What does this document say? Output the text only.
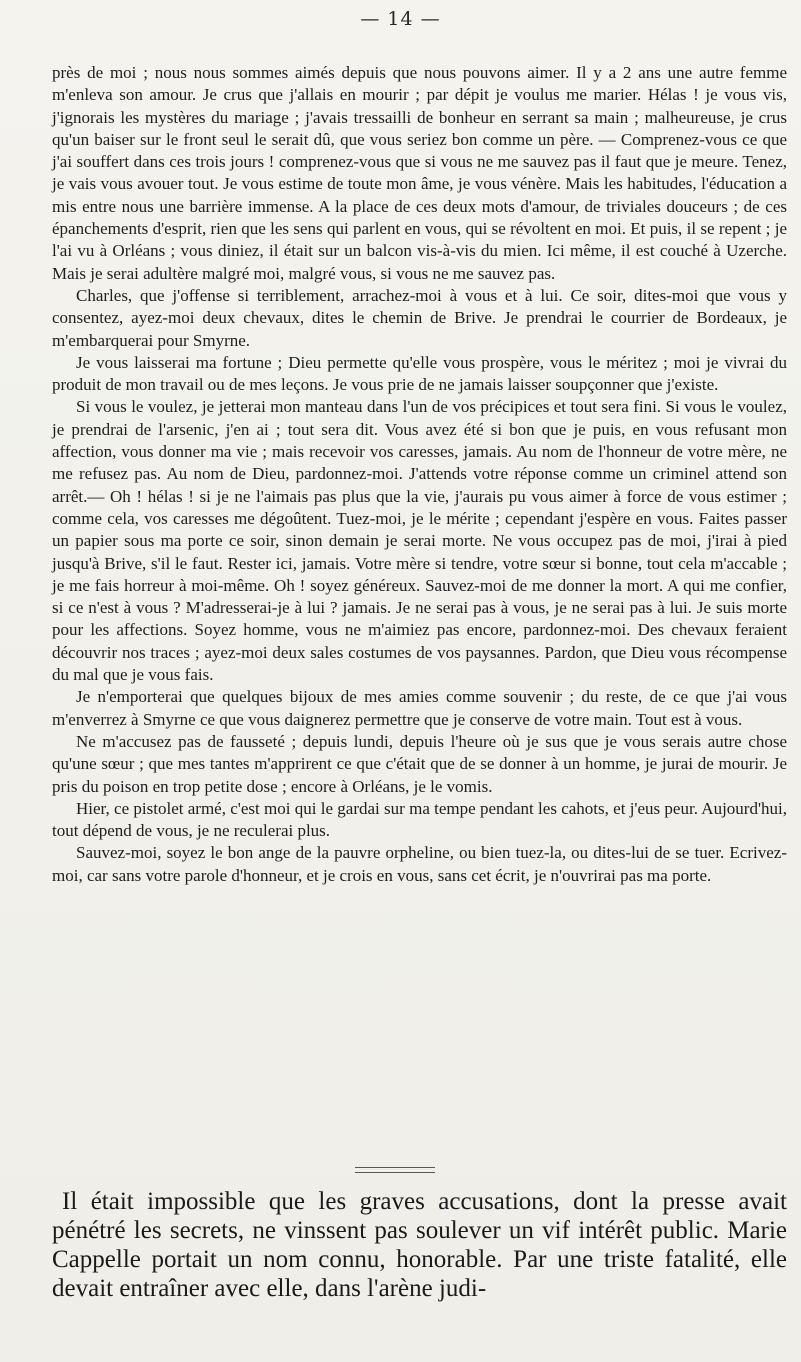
— 14 —

près de moi ; nous nous sommes aimés depuis que nous pouvons aimer. Il y a 2 ans une autre femme m'enleva son amour. Je crus que j'allais en mourir ; par dépit je voulus me marier. Hélas ! je vous vis, j'ignorais les mystères du mariage ; j'avais tressailli de bonheur en serrant sa main ; malheureuse, je crus qu'un baiser sur le front seul le serait dû, que vous seriez bon comme un père. — Comprenez-vous ce que j'ai souffert dans ces trois jours ! comprenez-vous que si vous ne me sauvez pas il faut que je meure. Tenez, je vais vous avouer tout. Je vous estime de toute mon âme, je vous vénère. Mais les habitudes, l'éducation a mis entre nous une barrière immense. A la place de ces deux mots d'amour, de triviales douceurs ; de ces épanchements d'esprit, rien que les sens qui parlent en vous, qui se révoltent en moi. Et puis, il se repent ; je l'ai vu à Orléans ; vous diniez, il était sur un balcon vis-à-vis du mien. Ici même, il est couché à Uzerche. Mais je serai adultère malgré moi, malgré vous, si vous ne me sauvez pas.

Charles, que j'offense si terriblement, arrachez-moi à vous et à lui. Ce soir, dites-moi que vous y consentez, ayez-moi deux chevaux, dites le chemin de Brive. Je prendrai le courrier de Bordeaux, je m'embarquerai pour Smyrne.

Je vous laisserai ma fortune ; Dieu permette qu'elle vous prospère, vous le méritez ; moi je vivrai du produit de mon travail ou de mes leçons. Je vous prie de ne jamais laisser soupçonner que j'existe.

Si vous le voulez, je jetterai mon manteau dans l'un de vos précipices et tout sera fini. Si vous le voulez, je prendrai de l'arsenic, j'en ai ; tout sera dit. Vous avez été si bon que je puis, en vous refusant mon affection, vous donner ma vie ; mais recevoir vos caresses, jamais. Au nom de l'honneur de votre mère, ne me refusez pas. Au nom de Dieu, pardonnez-moi. J'attends votre réponse comme un criminel attend son arrêt.— Oh ! hélas ! si je ne l'aimais pas plus que la vie, j'aurais pu vous aimer à force de vous estimer ; comme cela, vos caresses me dégoûtent. Tuez-moi, je le mérite ; cependant j'espère en vous. Faites passer un papier sous ma porte ce soir, sinon demain je serai morte. Ne vous occupez pas de moi, j'irai à pied jusqu'à Brive, s'il le faut. Rester ici, jamais. Votre mère si tendre, votre sœur si bonne, tout cela m'accable ; je me fais horreur à moi-même. Oh ! soyez généreux. Sauvez-moi de me donner la mort. A qui me confier, si ce n'est à vous ? M'adresserai-je à lui ? jamais. Je ne serai pas à vous, je ne serai pas à lui. Je suis morte pour les affections. Soyez homme, vous ne m'aimiez pas encore, pardonnez-moi. Des chevaux feraient découvrir nos traces ; ayez-moi deux sales costumes de vos paysannes. Pardon, que Dieu vous récompense du mal que je vous fais.

Je n'emporterai que quelques bijoux de mes amies comme souvenir ; du reste, de ce que j'ai vous m'enverrez à Smyrne ce que vous daignerez permettre que je conserve de votre main. Tout est à vous.

Ne m'accusez pas de fausseté ; depuis lundi, depuis l'heure où je sus que je vous serais autre chose qu'une sœur ; que mes tantes m'apprirent ce que c'était que de se donner à un homme, je jurai de mourir. Je pris du poison en trop petite dose ; encore à Orléans, je le vomis.

Hier, ce pistolet armé, c'est moi qui le gardai sur ma tempe pendant les cahots, et j'eus peur. Aujourd'hui, tout dépend de vous, je ne reculerai plus.

Sauvez-moi, soyez le bon ange de la pauvre orpheline, ou bien tuez-la, ou dites-lui de se tuer. Ecrivez-moi, car sans votre parole d'honneur, et je crois en vous, sans cet écrit, je n'ouvrirai pas ma porte.

Il était impossible que les graves accusations, dont la presse avait pénétré les secrets, ne vinssent pas soulever un vif intérêt public. Marie Cappelle portait un nom connu, honorable. Par une triste fatalité, elle devait entraîner avec elle, dans l'arène judi-
